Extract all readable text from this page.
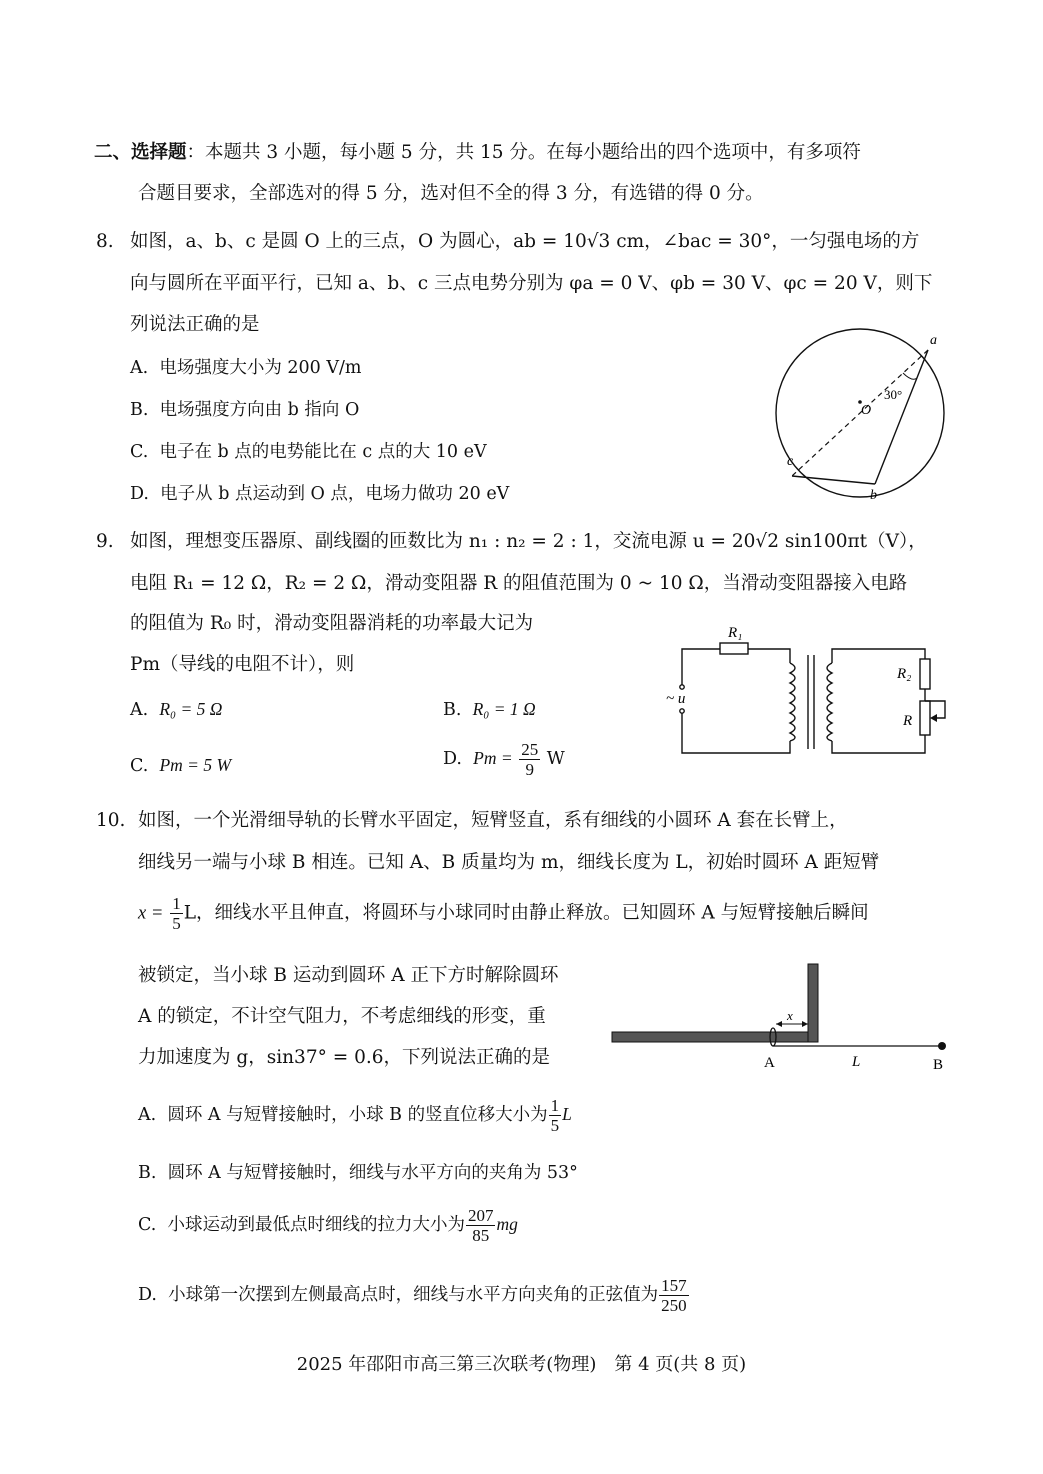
二、选择题：本题共 3 小题，每小题 5 分，共 15 分。在每小题给出的四个选项中，有多项符
合题目要求，全部选对的得 5 分，选对但不全的得 3 分，有选错的得 0 分。
8. 如图，a、b、c 是圆 O 上的三点，O 为圆心，ab = 10√3 cm，∠bac = 30°，一匀强电场的方
向与圆所在平面平行，已知 a、b、c 三点电势分别为 φa = 0 V、φb = 30 V、φc = 20 V，则下
列说法正确的是
A. 电场强度大小为 200 V/m
B. 电场强度方向由 b 指向 O
C. 电子在 b 点的电势能比在 c 点的大 10 eV
D. 电子从 b 点运动到 O 点，电场力做功 20 eV
a
b
c
O
30°
9. 如图，理想变压器原、副线圈的匝数比为 n₁ : n₂ = 2 : 1，交流电源 u = 20√2 sin100πt（V），
电阻 R₁ = 12 Ω，R₂ = 2 Ω，滑动变阻器 R 的阻值范围为 0 ~ 10 Ω，当滑动变阻器接入电路
的阻值为 R₀ 时，滑动变阻器消耗的功率最大记为
Pm（导线的电阻不计），则
A. R₀ = 5 Ω	B. R₀ = 1 Ω
C. Pm = 5 W	D. $Pm = \frac{25}{9}$ W
R₁
R₂
R
~ u
10. 如图，一个光滑细导轨的长臂水平固定，短臂竖直，系有细线的小圆环 A 套在长臂上，
细线另一端与小球 B 相连。已知 A、B 质量均为 m，细线长度为 L，初始时圆环 A 距短臂
$x = \frac{1}{5}$ L，细线水平且伸直，将圆环与小球同时由静止释放。已知圆环 A 与短臂接触后瞬间
被锁定，当小球 B 运动到圆环 A 正下方时解除圆环
A 的锁定，不计空气阻力，不考虑细线的形变，重
力加速度为 g，sin37° = 0.6，下列说法正确的是
A. 圆环 A 与短臂接触时，小球 B 的竖直位移大小为 $\frac{1}{5}$ L
B. 圆环 A 与短臂接触时，细线与水平方向的夹角为 53°
C. 小球运动到最低点时细线的拉力大小为 $\frac{207}{85}$ mg
D. 小球第一次摆到左侧最高点时，细线与水平方向夹角的正弦值为 $\frac{157}{250}$
x
A	L	B
2025 年邵阳市高三第三次联考(物理)　第 4 页(共 8 页)
